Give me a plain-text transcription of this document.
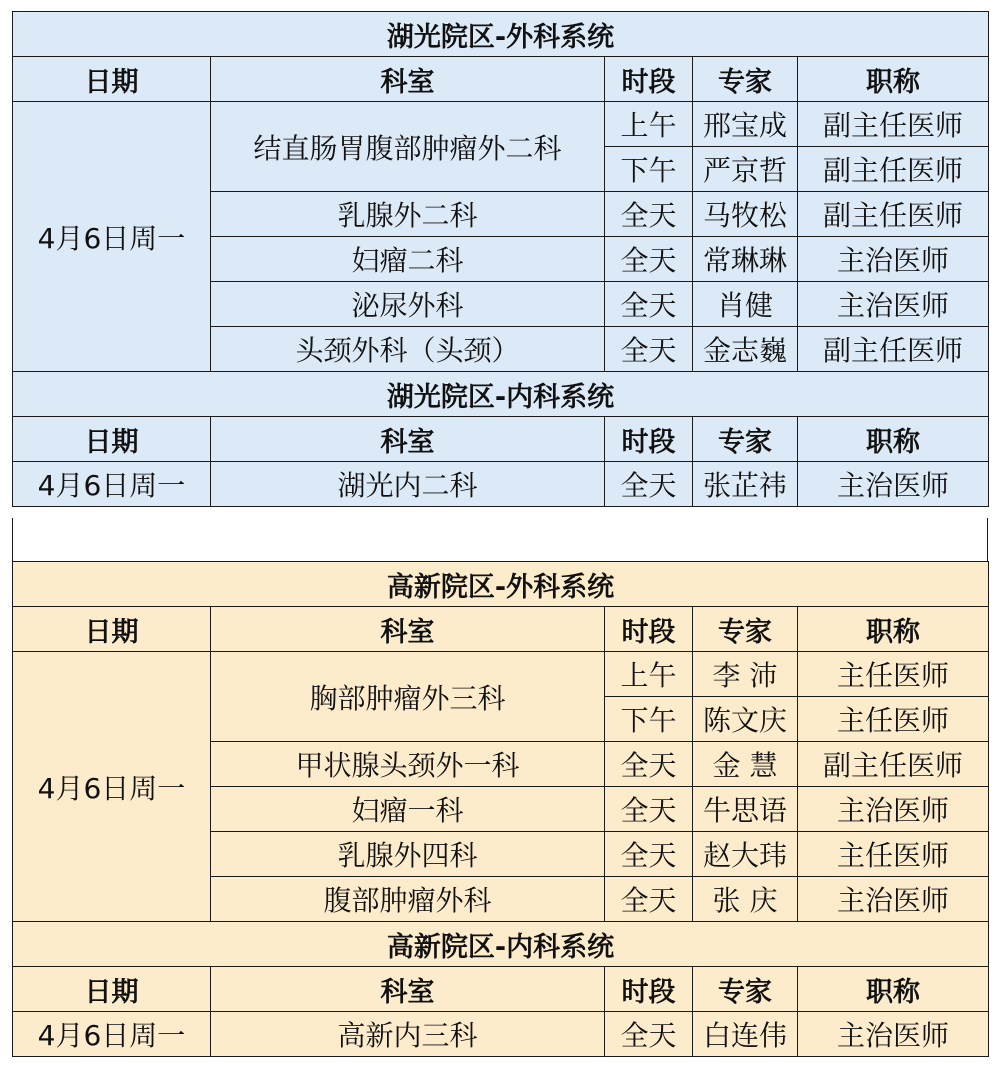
湖光院区-外科系统				
日期	科室	时段	专家	职称
4月6日周一	结直肠胃腹部肿瘤外二科	上午	邢宝成	副主任医师
		下午	严京哲	副主任医师
	乳腺外二科	全天	马牧松	副主任医师
	妇瘤二科	全天	常琳琳	主治医师
	泌尿外科	全天	肖健	主治医师
	头颈外科（头颈）	全天	金志巍	副主任医师
湖光院区-内科系统				
日期	科室	时段	专家	职称
4月6日周一	湖光内二科	全天	张芷祎	主治医师
高新院区-外科系统				
日期	科室	时段	专家	职称
4月6日周一	胸部肿瘤外三科	上午	李 沛	主任医师
		下午	陈文庆	主任医师
	甲状腺头颈外一科	全天	金 慧	副主任医师
	妇瘤一科	全天	牛思语	主治医师
	乳腺外四科	全天	赵大玮	主任医师
	腹部肿瘤外科	全天	张 庆	主治医师
高新院区-内科系统				
日期	科室	时段	专家	职称
4月6日周一	高新内三科	全天	白连伟	主治医师
